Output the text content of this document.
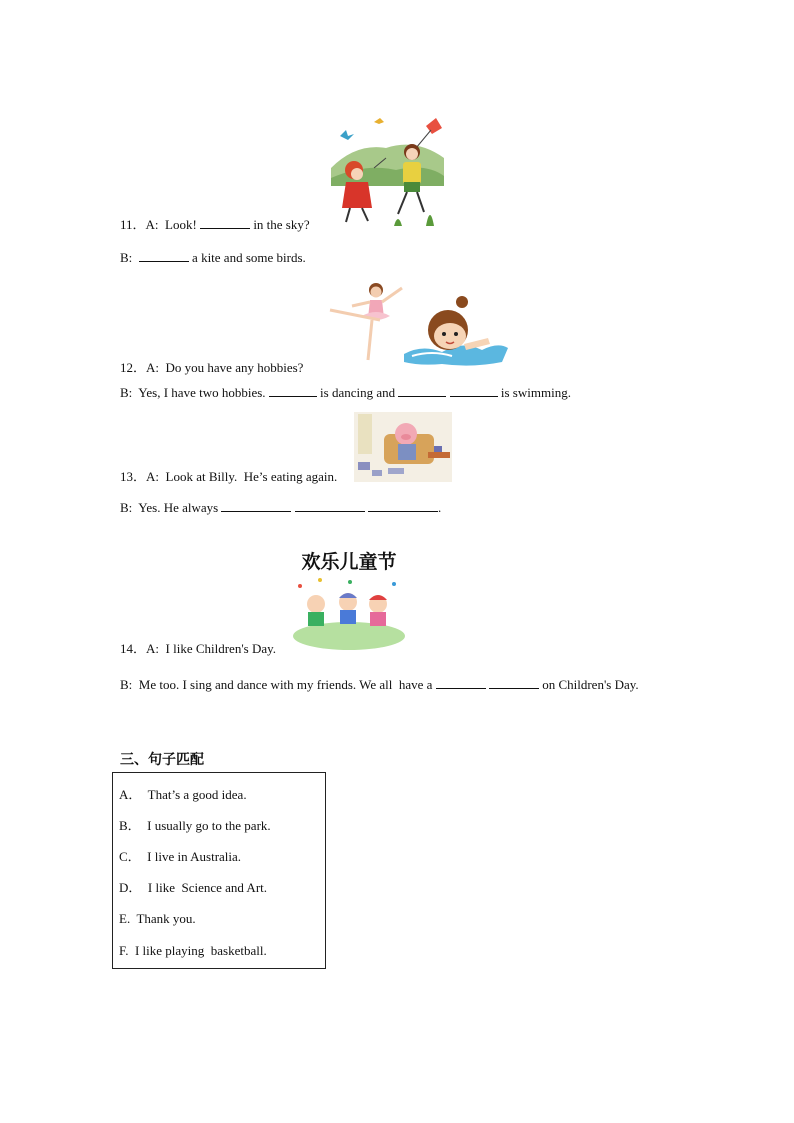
11．A:  Look!	in the sky?
B:	a kite and some birds.
12．A:  Do you have any hobbies?
B:  Yes, I have two hobbies.	is dancing and	is swimming.
13．A:  Look at Billy.  He’s eating again.
B:  Yes. He always	.
欢乐儿童节
14．A:  I like Children's Day.
B:  Me too. I sing and dance with my friends. We all  have a	on Children's Day.
三、句子匹配
A．  That’s a good idea.
B．  I usually go to the park.
C．  I live in Australia.
D．  I like  Science and Art.
E.  Thank you.
F.  I like playing  basketball.
